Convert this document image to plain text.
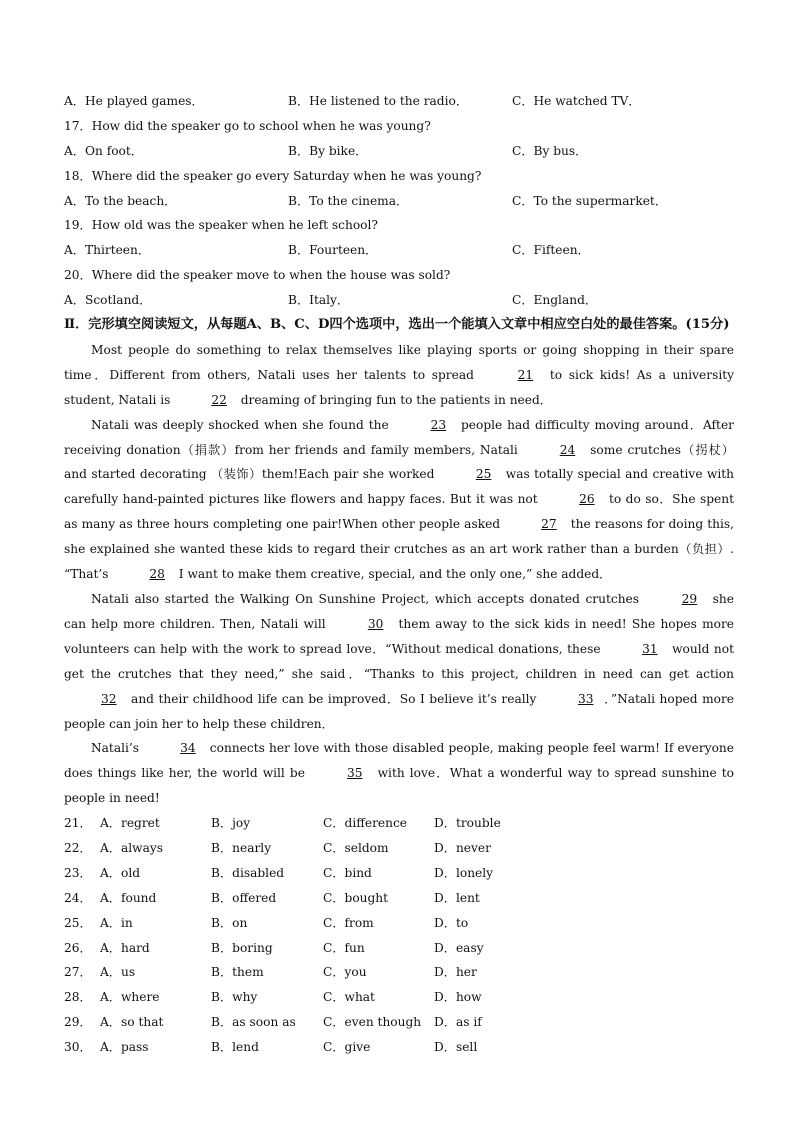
A．He played games．	B．He listened to the radio．	C．He watched TV．
17．How did the speaker go to school when he was young?
A．On foot．	B．By bike．	C．By bus．
18．Where did the speaker go every Saturday when he was young?
A．To the beach．	B．To the cinema．	C．To the supermarket．
19．How old was the speaker when he left school?
A．Thirteen．	B．Fourteen．	C．Fifteen．
20．Where did the speaker move to when the house was sold?
A．Scotland．	B．Italy．	C．England．
Ⅱ．完形填空阅读短文，从每题A、B、C、D四个选项中，选出一个能填入文章中相应空白处的最佳答案。(15分)
Most people do something to relax themselves like playing sports or going shopping in their spare time．Different from others, Natali uses her talents to spread	21 to sick kids! As a university student, Natali is	22 dreaming of bringing fun to the patients in need．
Natali was deeply shocked when she found the	23 people had difficulty moving around．After receiving donation（捐款）from her friends and family members, Natali	24 some crutches（拐杖）and started decorating （装饰）them!Each pair she worked	25 was totally special and creative with carefully hand-painted pictures like flowers and happy faces. But it was not	26 to do so．She spent as many as three hours completing one pair!When other people asked	27 the reasons for doing this, she explained she wanted these kids to regard their crutches as an art work rather than a burden（负担）. “That’s	28 I want to make them creative, special, and the only one,” she added．
Natali also started the Walking On Sunshine Project, which accepts donated crutches	29 she can help more children. Then, Natali will	30 them away to the sick kids in need! She hopes more volunteers can help with the work to spread love．“Without medical donations, these	31 would not get the crutches that they need,” she said．“Thanks to this project, children in need can get action 32 and their childhood life can be improved．So I believe it’s really	33 ．”Natali hoped more people can join her to help these children．
Natali’s	34 connects her love with those disabled people, making people feel warm! If everyone does things like her, the world will be	35 with love．What a wonderful way to spread sunshine to people in need!
21． A．regret	B．joy	C．difference	D．trouble
22． A．always	B．nearly	C．seldom	D．never
23． A．old	B．disabled	C．bind	D．lonely
24． A．found	B．offered	C．bought	D．lent
25． A．in	B．on	C．from	D．to
26． A．hard	B．boring	C．fun	D．easy
27． A．us	B．them	C．you	D．her
28． A．where	B．why	C．what	D．how
29． A．so that	B．as soon as	C．even though	D．as if
30． A．pass	B．lend	C．give	D．sell
